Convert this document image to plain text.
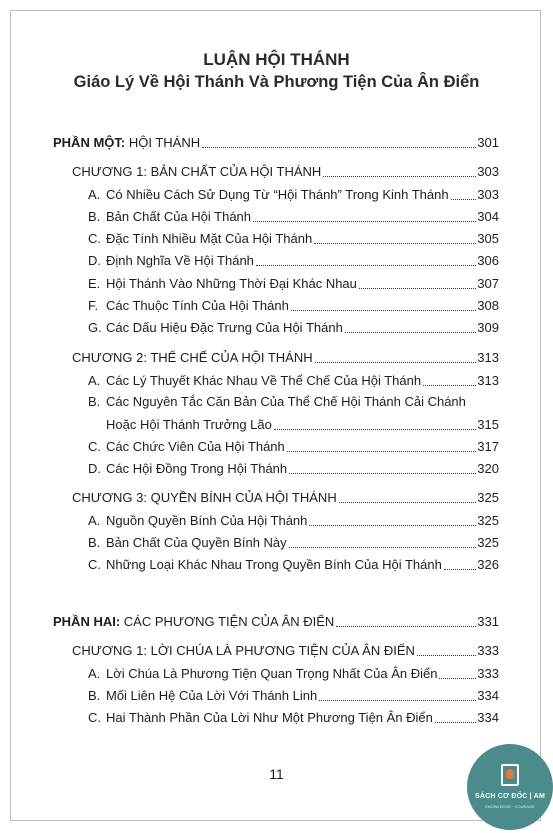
LUẬN HỘI THÁNH
Giáo Lý Về Hội Thánh Và Phương Tiện Của Ân Điển
PHẦN MỘT: HỘI THÁNH	301
CHƯƠNG 1: BẢN CHẤT CỦA HỘI THÁNH	303
A. Có Nhiều Cách Sử Dụng Từ “Hội Thánh” Trong Kinh Thánh 303
B. Bản Chất Của Hội Thánh	304
C. Đặc Tính Nhiều Mặt Của Hội Thánh	305
D. Định Nghĩa Về Hội Thánh	306
E. Hội Thánh Vào Những Thời Đại Khác Nhau	307
F. Các Thuộc Tính Của Hội Thánh	308
G. Các Dấu Hiệu Đặc Trưng Của Hội Thánh	309
CHƯƠNG 2: THỂ CHẾ CỦA HỘI THÁNH	313
A. Các Lý Thuyết Khác Nhau Về Thể Chế Của Hội Thánh	313
B. Các Nguyên Tắc Căn Bản Của Thể Chế Hội Thánh Cải Chánh
Hoặc Hội Thánh Trưởng Lão	315
C. Các Chức Viên Của Hội Thánh	317
D. Các Hội Đồng Trong Hội Thánh	320
CHƯƠNG 3: QUYỀN BÍNH CỦA HỘI THÁNH	325
A. Nguồn Quyền Bính Của Hội Thánh	325
B. Bản Chất Của Quyền Bính Này	325
C. Những Loại Khác Nhau Trong Quyền Bính Của Hội Thánh	326
PHẦN HAI: CÁC PHƯƠNG TIỆN CỦA ÂN ĐIỂN	331
CHƯƠNG 1: LỜI CHÚA LÀ PHƯƠNG TIỆN CỦA ÂN ĐIỂN	333
A. Lời Chúa Là Phương Tiện Quan Trọng Nhất Của Ân Điển	333
B. Mối Liên Hệ Của Lời Với Thánh Linh	334
C. Hai Thành Phần Của Lời Như Một Phương Tiện Ân Điển	334
11
SÁCH CƠ ĐỐC | AM
KNOWLEDGE · COURAGE
